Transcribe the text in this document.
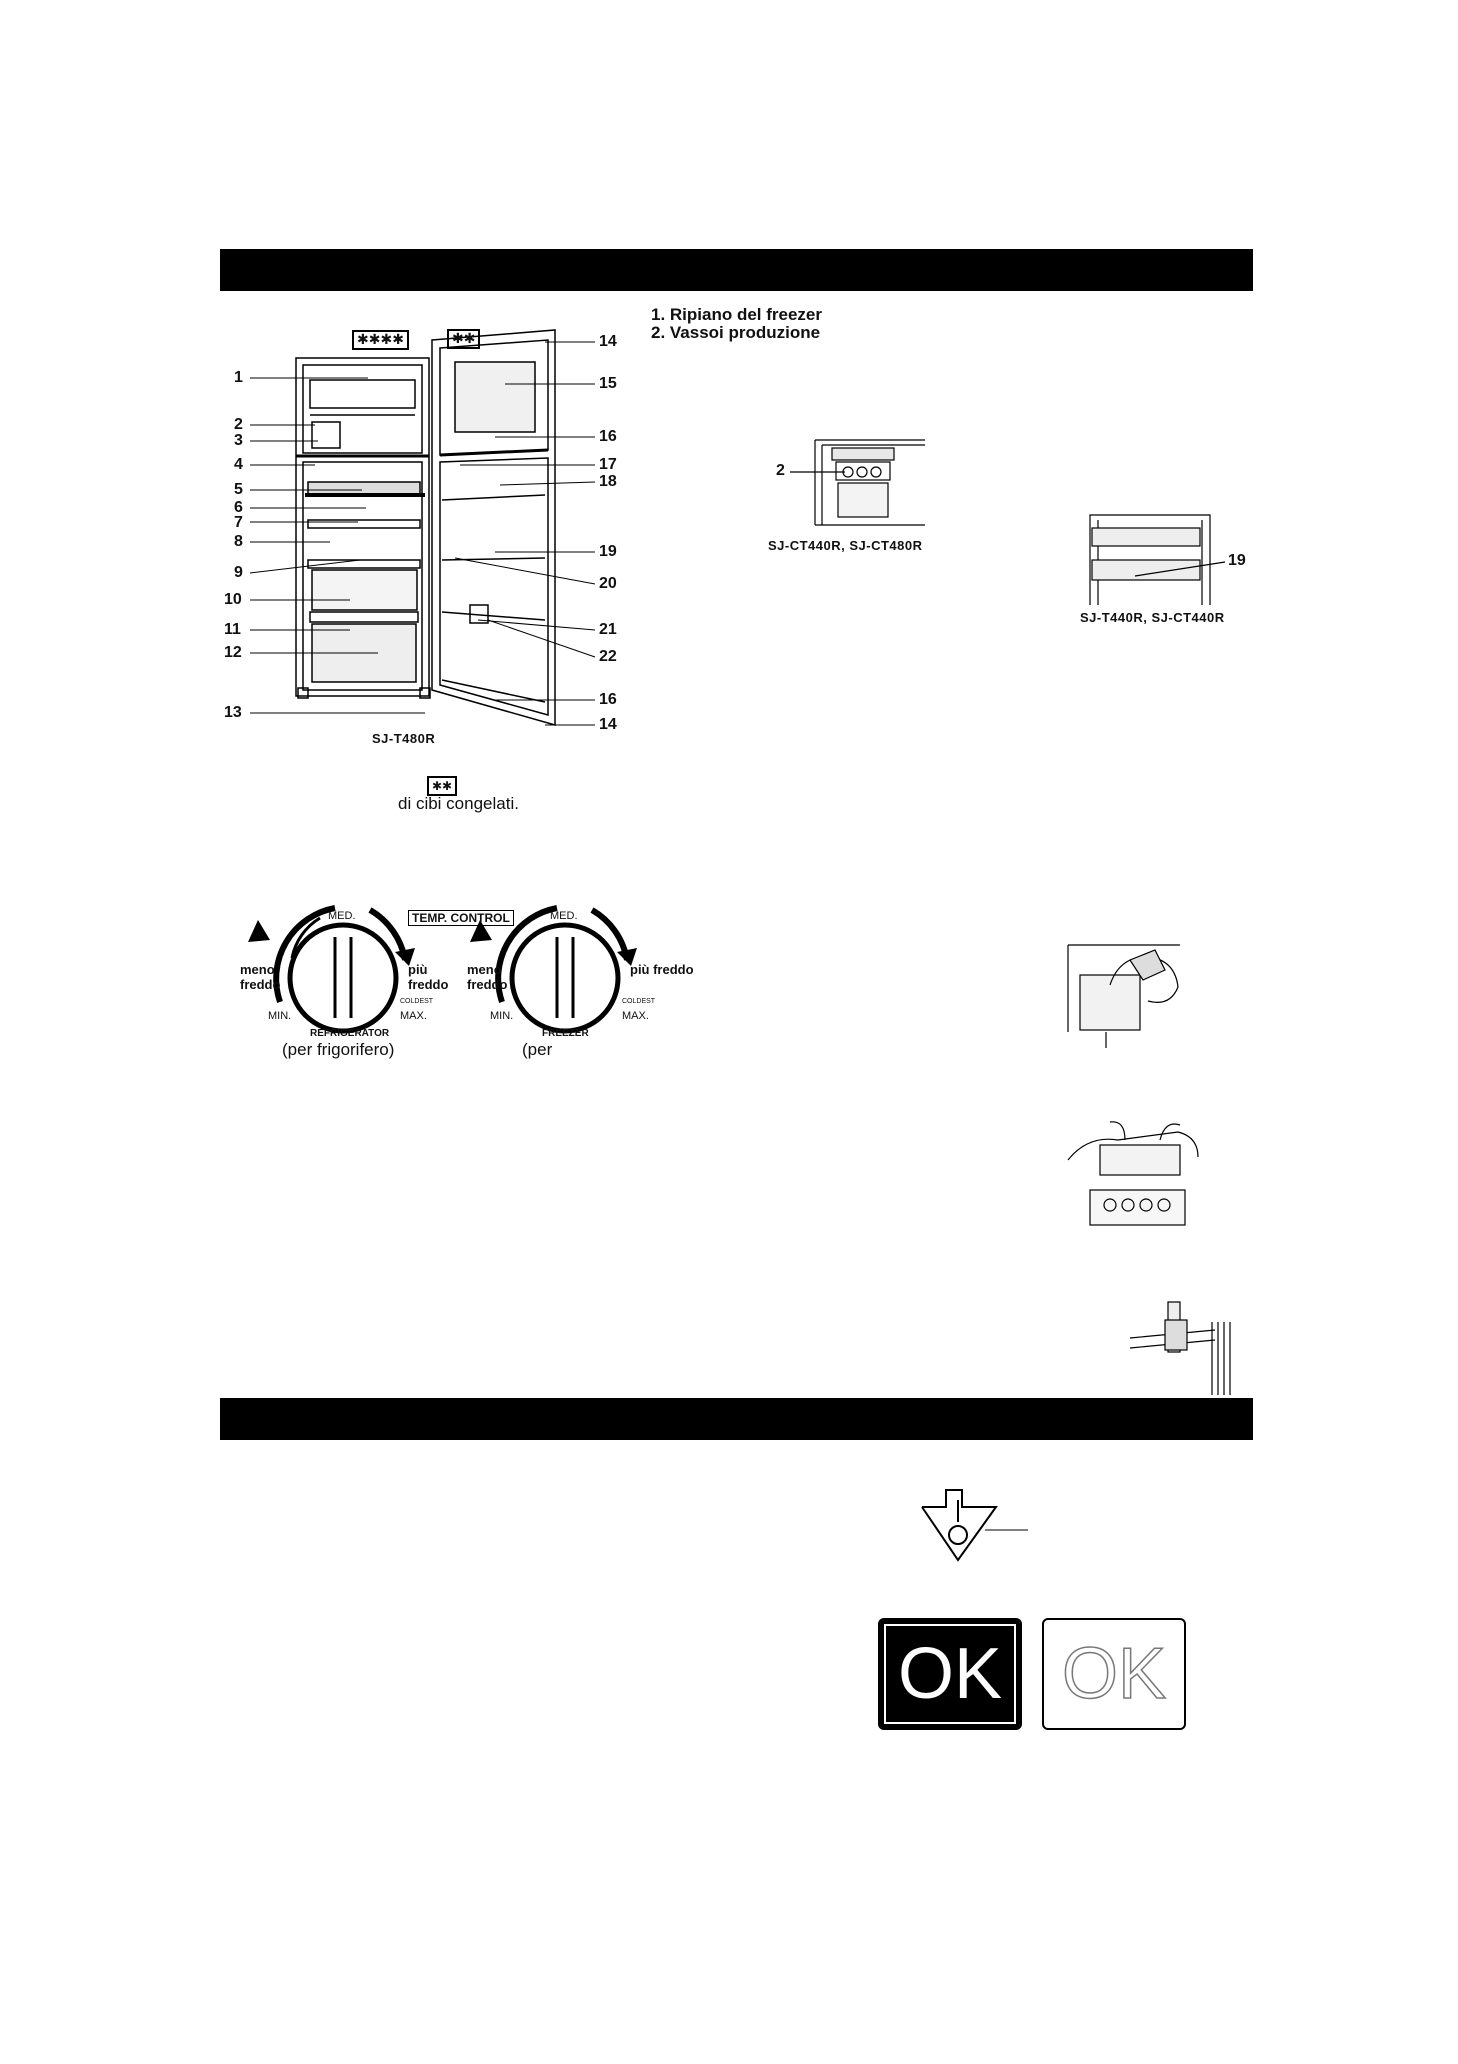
✱✱✱✱	✱✱
1
2
3
4
5
6
7
8
9
10
11
12
13
14
15
16
17
18
19
20
21
22
16
14
SJ-T480R
1. Ripiano del freezer
2. Vassoi produzione
2
SJ-CT440R, SJ-CT480R
19
SJ-T440R, SJ-CT440R
✱✱
di cibi congelati.
TEMP. CONTROL
MED.
meno
freddo
più
freddo
MIN.
COLDEST
MAX.
REFRIGERATOR
(per frigorifero)
MED.
meno
freddo
più freddo
MIN.
COLDEST
MAX.
FREEZER
(per
OK OK
